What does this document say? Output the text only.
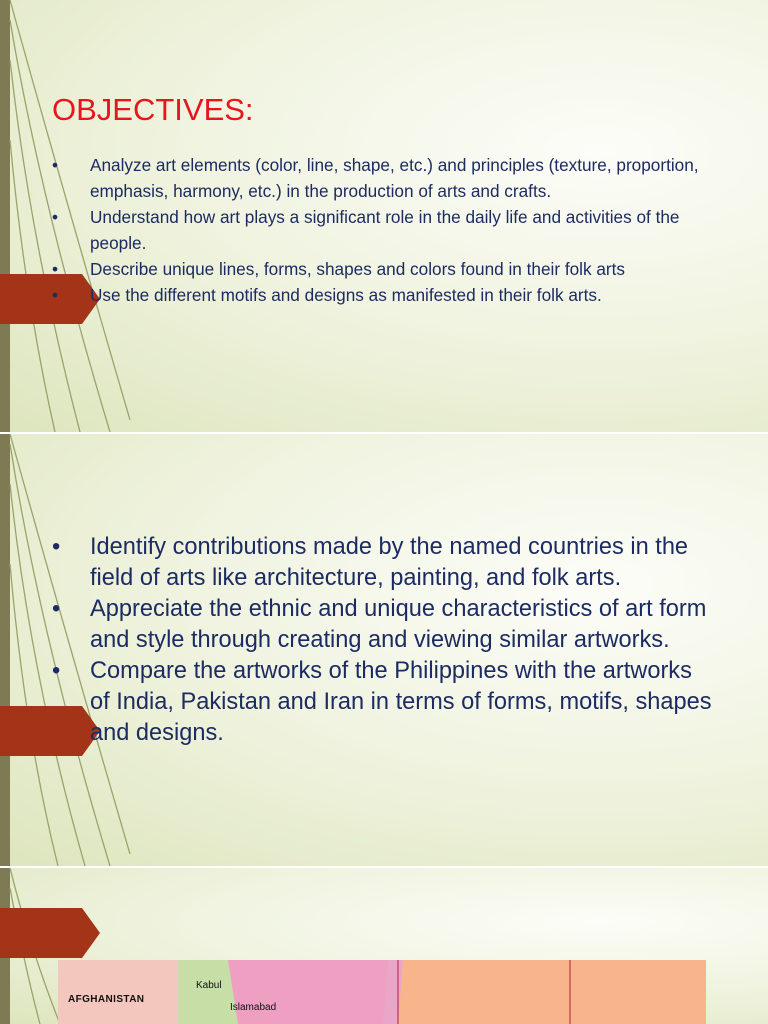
OBJECTIVES:
• Analyze art elements (color, line, shape, etc.) and principles (texture, proportion, emphasis, harmony, etc.) in the production of arts and crafts.
• Understand how art plays a significant role in the daily life and activities of the people.
• Describe unique lines, forms, shapes and colors found in their folk arts
• Use the different motifs and designs as manifested in their folk arts.
• Identify contributions made by the named countries in the field of arts like architecture, painting, and folk arts.
• Appreciate the ethnic and unique characteristics of art form and style through creating and viewing similar artworks.
• Compare the artworks of the Philippines with the artworks of India, Pakistan and Iran in terms of forms, motifs, shapes and designs.
AFGHANISTAN
Kabul
Islamabad
